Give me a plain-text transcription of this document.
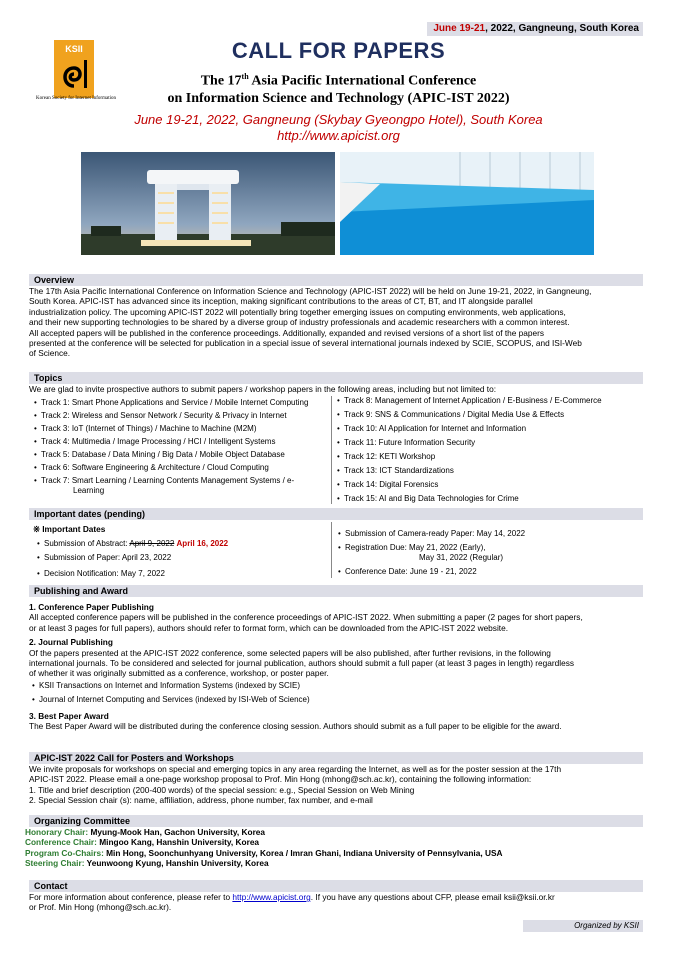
June 19-21, 2022, Gangneung, South Korea
KSII
Korean Society for Internet Information
CALL FOR PAPERS
The 17th Asia Pacific International Conference
on Information Science and Technology (APIC-IST 2022)
June 19-21, 2022, Gangneung (Skybay Gyeongpo Hotel), South Korea
http://www.apicist.org
Overview
The 17th Asia Pacific International Conference on Information Science and Technology (APIC-IST 2022) will be held on June 19-21, 2022, in Gangneung,
South Korea. APIC-IST has advanced since its inception, making significant contributions to the areas of CT, BT, and IT alongside parallel
industrialization policy. The upcoming APIC-IST 2022 will potentially bring together emerging issues on computing environments, web applications,
and their new supporting technologies to be shared by a diverse group of industry professionals and academic researchers with a common interest.
All accepted papers will be published in the conference proceedings. Additionally, expanded and revised versions of a short list of the papers
presented at the conference will be selected for publication in a special issue of several international journals indexed by SCIE, SCOPUS, and ISI-Web
of Science.
Topics
We are glad to invite prospective authors to submit papers / workshop papers in the following areas, including but not limited to:
• Track 1: Smart Phone Applications and Service / Mobile Internet Computing
• Track 2: Wireless and Sensor Network / Security & Privacy in Internet
• Track 3: IoT (Internet of Things) / Machine to Machine (M2M)
• Track 4: Multimedia / Image Processing / HCI / Intelligent Systems
• Track 5: Database / Data Mining / Big Data / Mobile Object Database
• Track 6: Software Engineering & Architecture / Cloud Computing
• Track 7: Smart Learning / Learning Contents Management Systems / e-
Learning
• Track 8: Management of Internet Application / E-Business / E-Commerce
• Track 9: SNS & Communications / Digital Media Use & Effects
• Track 10: AI Application for Internet and Information
• Track 11: Future Information Security
• Track 12: KETI Workshop
• Track 13: ICT Standardizations
• Track 14: Digital Forensics
• Track 15: AI and Big Data Technologies for Crime
Important dates (pending)
※ Important Dates
• Submission of Abstract: April 9, 2022 April 16, 2022
• Submission of Paper: April 23, 2022
• Decision Notification: May 7, 2022
• Submission of Camera-ready Paper: May 14, 2022
• Registration Due: May 21, 2022 (Early),
May 31, 2022 (Regular)
• Conference Date: June 19 - 21, 2022
Publishing and Award
1. Conference Paper Publishing
All accepted conference papers will be published in the conference proceedings of APIC-IST 2022. When submitting a paper (2 pages for short papers,
or at least 3 pages for full papers), authors should refer to format form, which can be downloaded from the APIC-IST 2022 website.
2. Journal Publishing
Of the papers presented at the APIC-IST 2022 conference, some selected papers will be also published, after further revisions, in the following
international journals. To be considered and selected for journal publication, authors should submit a full paper (at least 3 pages in length) regardless
of whether it was originally submitted as a conference, workshop, or poster paper.
• KSII Transactions on Internet and Information Systems (indexed by SCIE)
• Journal of Internet Computing and Services (indexed by ISI-Web of Science)
3. Best Paper Award
The Best Paper Award will be distributed during the conference closing session. Authors should submit as a full paper to be eligible for the award.
APIC-IST 2022 Call for Posters and Workshops
We invite proposals for workshops on special and emerging topics in any area regarding the Internet, as well as for the poster session at the 17th
APIC-IST 2022. Please email a one-page workshop proposal to Prof. Min Hong (mhong@sch.ac.kr), containing the following information:
1. Title and brief description (200-400 words) of the special session: e.g., Special Session on Web Mining
2. Special Session chair (s): name, affiliation, address, phone number, fax number, and e-mail
Organizing Committee
Honorary Chair: Myung-Mook Han, Gachon University, Korea
Conference Chair: Mingoo Kang, Hanshin University, Korea
Program Co-Chairs: Min Hong, Soonchunhyang University, Korea / Imran Ghani, Indiana University of Pennsylvania, USA
Steering Chair: Yeunwoong Kyung, Hanshin University, Korea
Contact
For more information about conference, please refer to http://www.apicist.org. If you have any questions about CFP, please email ksii@ksii.or.kr
or Prof. Min Hong (mhong@sch.ac.kr).
Organized by KSII
